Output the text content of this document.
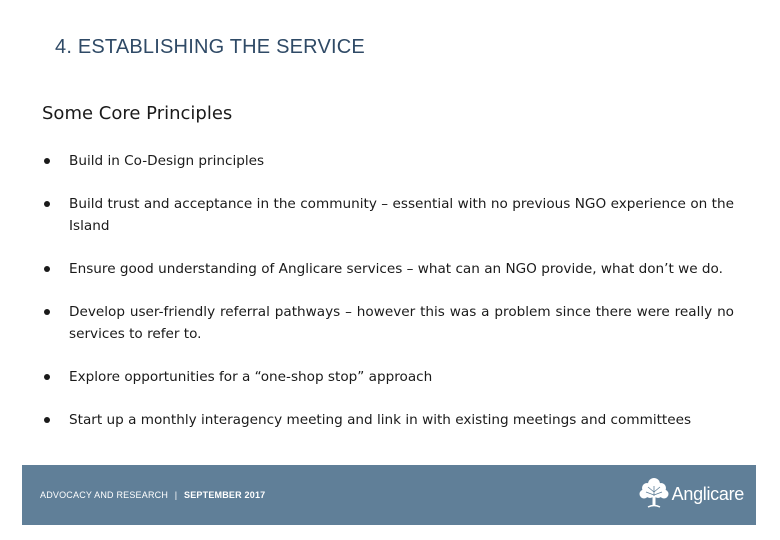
4. ESTABLISHING THE SERVICE
Some Core Principles
Build in Co-Design principles
Build trust and acceptance in the community – essential with no previous NGO experience on the Island
Ensure good understanding of Anglicare services – what can an NGO provide, what don’t we do.
Develop user-friendly referral pathways – however this was a problem since there were really no services to refer to.
Explore opportunities for a “one-shop stop” approach
Start up a monthly interagency meeting and link in with existing meetings and committees
ADVOCACY AND RESEARCH | SEPTEMBER 2017	Anglicare
